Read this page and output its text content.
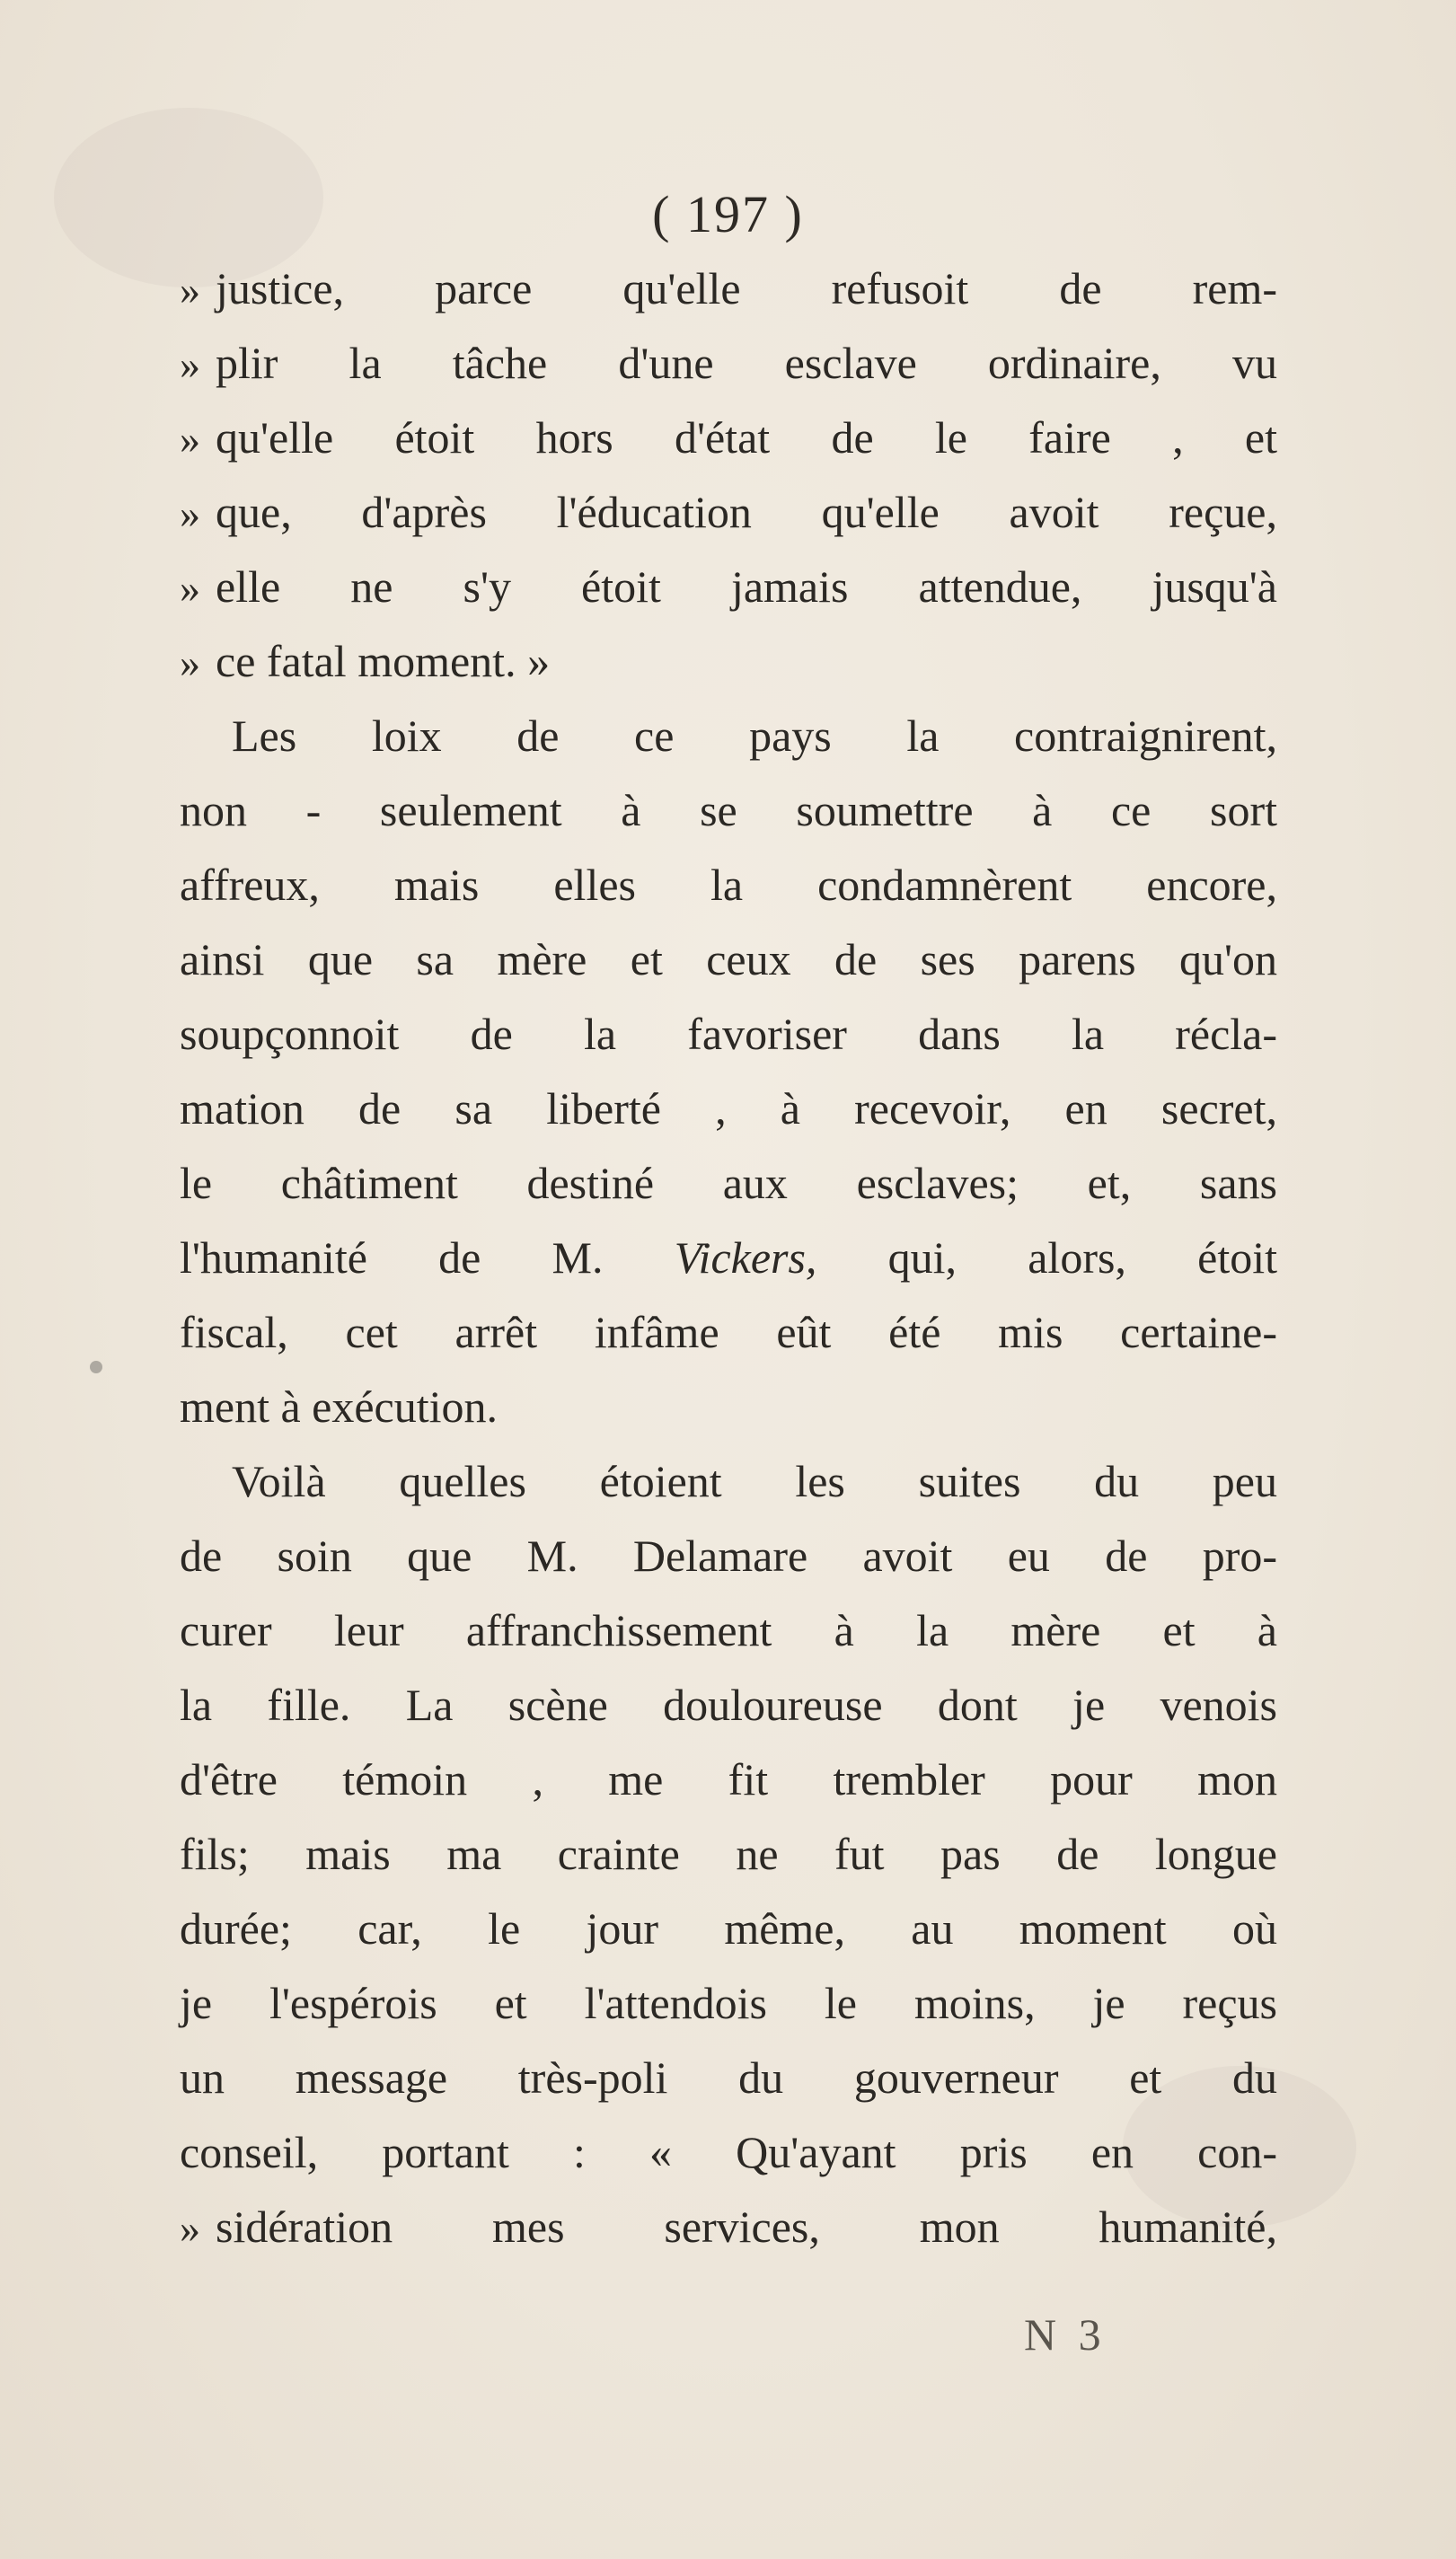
( 197 )
» justice, parce qu'elle refusoit de rem-
» plir la tâche d'une esclave ordinaire, vu
» qu'elle étoit hors d'état de le faire , et
» que, d'après l'éducation qu'elle avoit reçue,
» elle ne s'y étoit jamais attendue, jusqu'à
» ce fatal moment. »
Les loix de ce pays la contraignirent,
non - seulement à se soumettre à ce sort
affreux, mais elles la condamnèrent encore,
ainsi que sa mère et ceux de ses parens qu'on
soupçonnoit de la favoriser dans la récla-
mation de sa liberté , à recevoir, en secret,
le châtiment destiné aux esclaves; et, sans
l'humanité de M. Vickers, qui, alors, étoit
fiscal, cet arrêt infâme eût été mis certaine-
ment à exécution.
Voilà quelles étoient les suites du peu
de soin que M. Delamare avoit eu de pro-
curer leur affranchissement à la mère et à
la fille. La scène douloureuse dont je venois
d'être témoin , me fit trembler pour mon
fils; mais ma crainte ne fut pas de longue
durée; car, le jour même, au moment où
je l'espérois et l'attendois le moins, je reçus
un message très-poli du gouverneur et du
conseil, portant : « Qu'ayant pris en con-
» sidération mes services, mon humanité,
N 3
